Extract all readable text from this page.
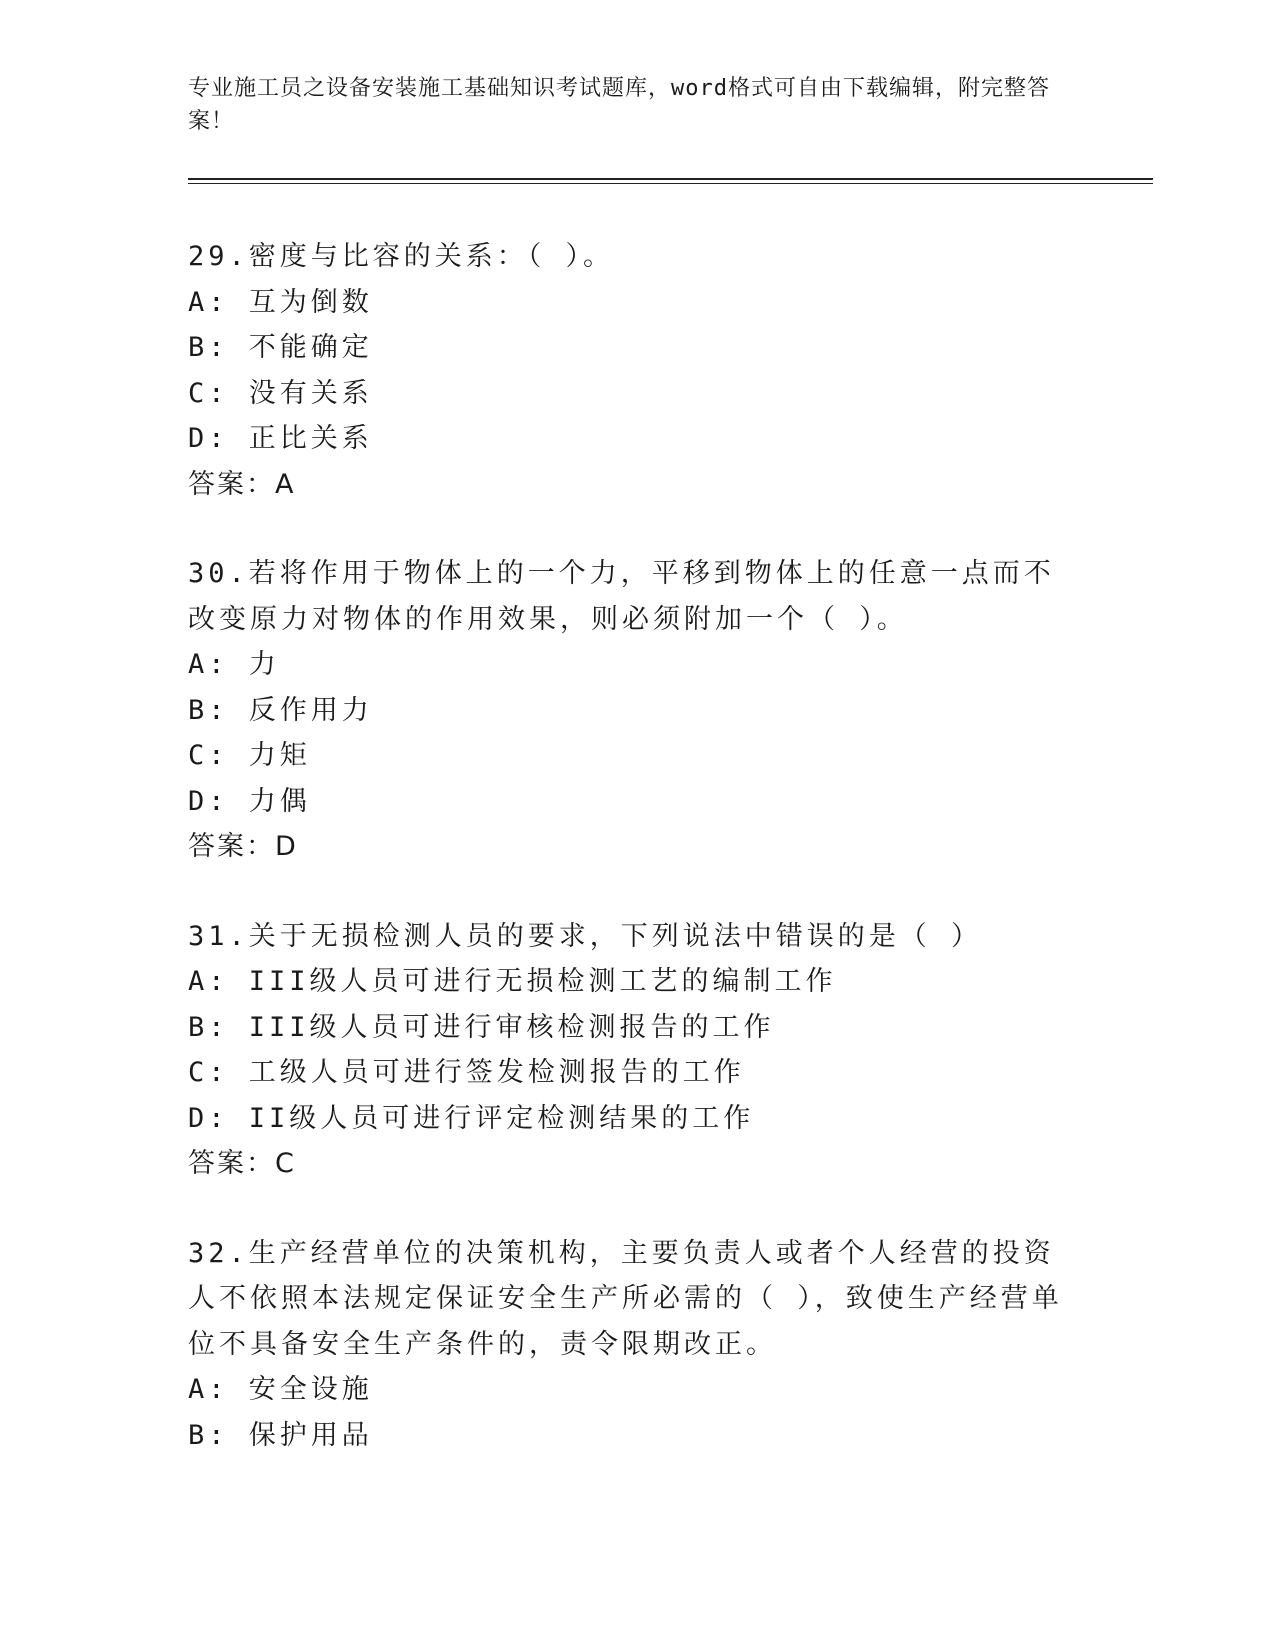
专业施工员之设备安装施工基础知识考试题库，word格式可自由下载编辑，附完整答案！
29.密度与比容的关系：（ ）。
A: 互为倒数
B: 不能确定
C: 没有关系
D: 正比关系
答案：A
30.若将作用于物体上的一个力，平移到物体上的任意一点而不改变原力对物体的作用效果，则必须附加一个（ ）。
A: 力
B: 反作用力
C: 力矩
D: 力偶
答案：D
31.关于无损检测人员的要求，下列说法中错误的是（ ）
A: III级人员可进行无损检测工艺的编制工作
B: III级人员可进行审核检测报告的工作
C: 工级人员可进行签发检测报告的工作
D: II级人员可进行评定检测结果的工作
答案：C
32.生产经营单位的决策机构，主要负责人或者个人经营的投资人不依照本法规定保证安全生产所必需的（ ），致使生产经营单位不具备安全生产条件的，责令限期改正。
A: 安全设施
B: 保护用品
